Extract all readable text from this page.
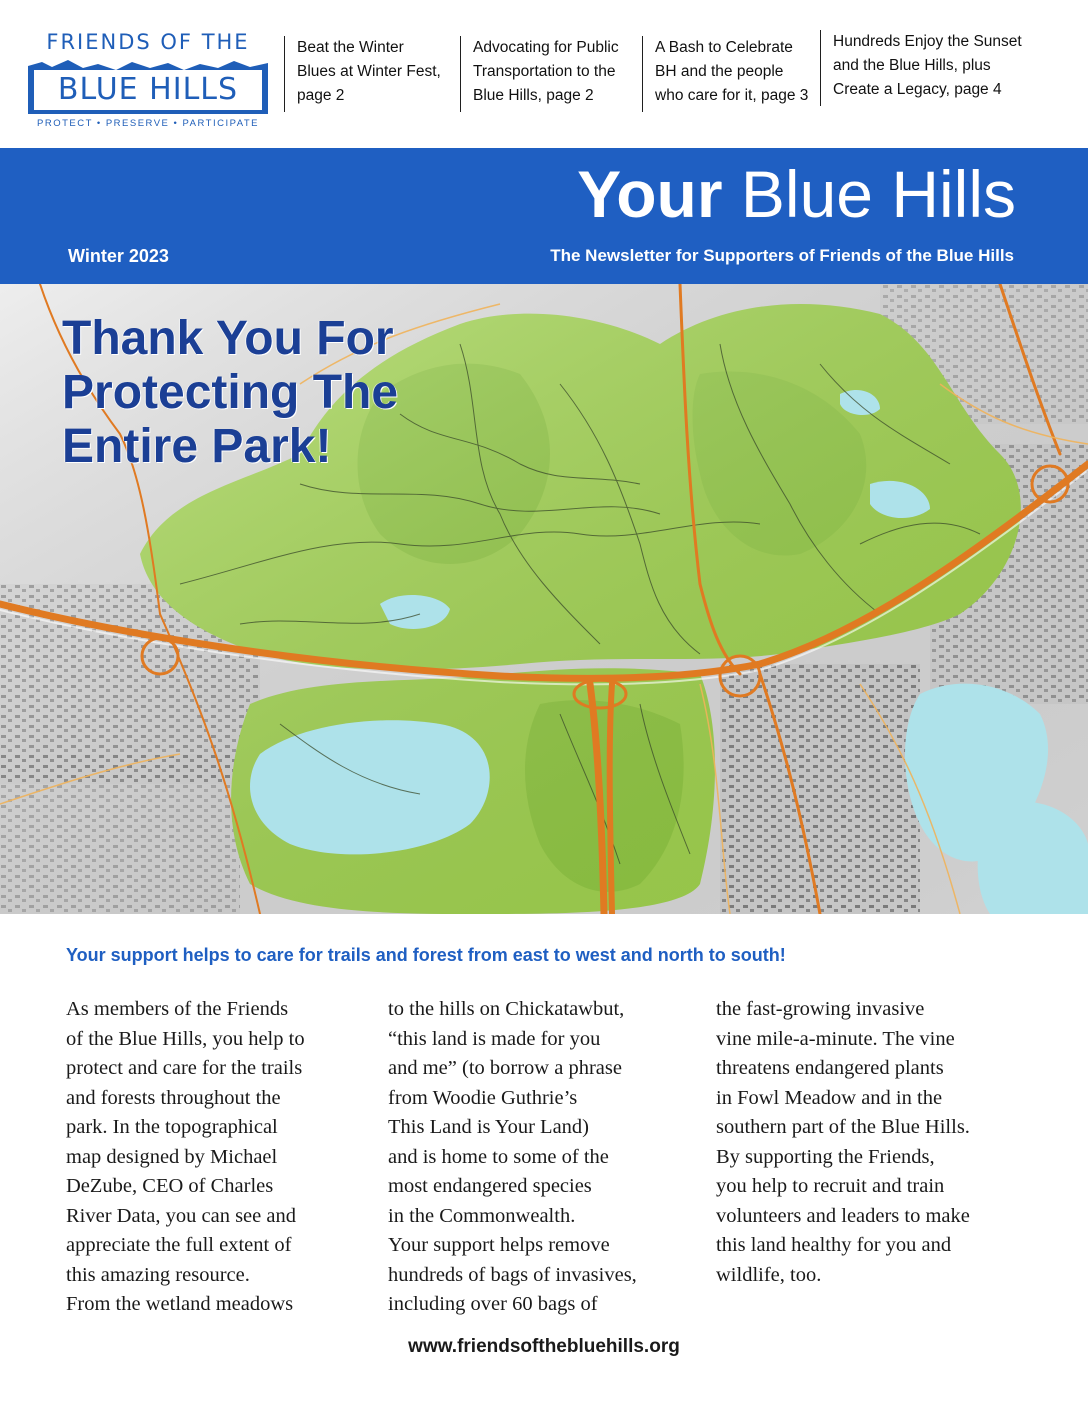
FRIENDS OF THE
BLUE HILLS
PROTECT • PRESERVE • PARTICIPATE
Beat the Winter
Blues at Winter Fest,
page 2
Advocating for Public
Transportation to the
Blue Hills, page 2
A Bash to Celebrate
BH and the people
who care for it, page 3
Hundreds Enjoy the Sunset
and the Blue Hills, plus
Create a Legacy, page 4
Your Blue Hills
Winter 2023	The Newsletter for Supporters of Friends of the Blue Hills
Thank You For
Protecting The
Entire Park!
Your support helps to care for trails and forest from east to west and north to south!
As members of the Friends
of the Blue Hills, you help to
protect and care for the trails
and forests throughout the
park. In the topographical
map designed by Michael
DeZube, CEO of Charles
River Data, you can see and
appreciate the full extent of
this amazing resource.
From the wetland meadows
to the hills on Chickatawbut,
“this land is made for you
and me” (to borrow a phrase
from Woodie Guthrie’s
This Land is Your Land)
and is home to some of the
most endangered species
in the Commonwealth.
Your support helps remove
hundreds of bags of invasives,
including over 60 bags of
the fast-growing invasive
vine mile-a-minute. The vine
threatens endangered plants
in Fowl Meadow and in the
southern part of the Blue Hills.
By supporting the Friends,
you help to recruit and train
volunteers and leaders to make
this land healthy for you and
wildlife, too.
www.friendsofthebluehills.org
